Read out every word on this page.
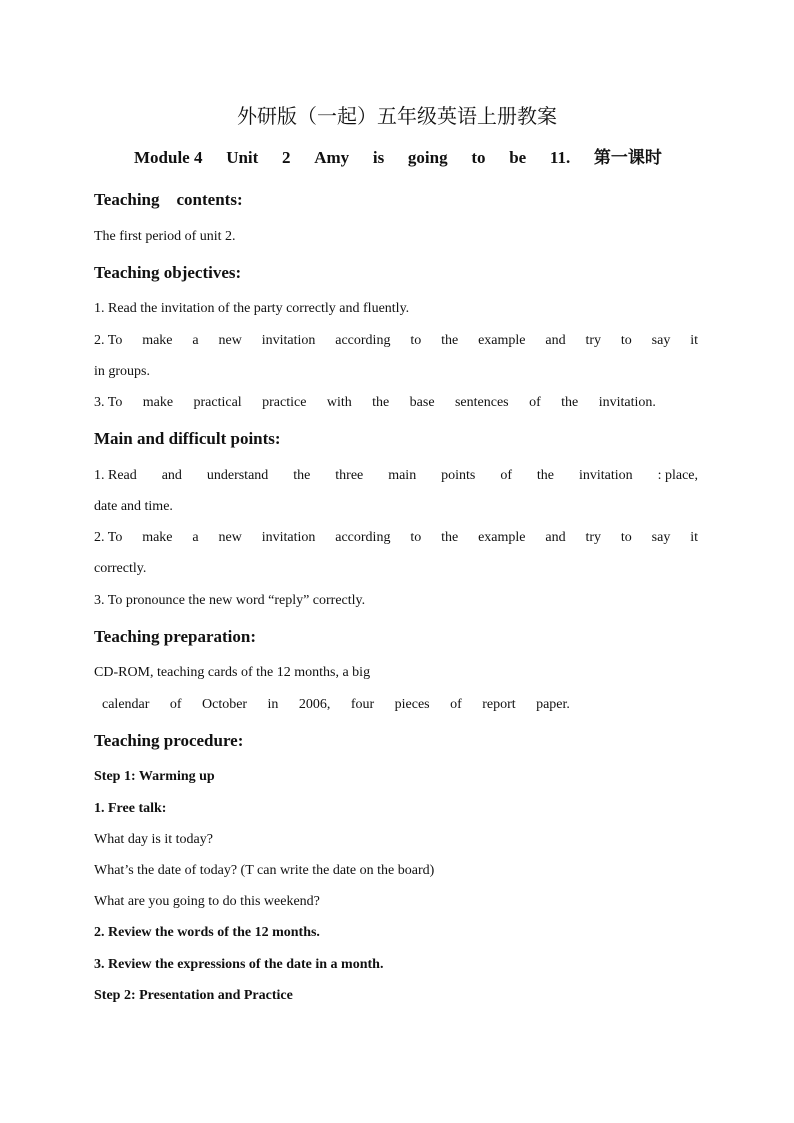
外研版（一起）五年级英语上册教案
Module 4 Unit 2 Amy is going to be 11. 第一课时
Teaching contents:
The first period of unit 2.
Teaching objectives:
1. Read the invitation of the party correctly and fluently.
2. To make a new invitation according to the example and try to say it
in groups.
3. To make practical practice with the base sentences of the invitation.
Main and difficult points:
1. Read and understand the three main points of the invitation : place,
date and time.
2. To make a new invitation according to the example and try to say it
correctly.
3. To pronounce the new word “reply” correctly.
Teaching preparation:
CD-ROM, teaching cards of the 12 months, a big
calendar of October in 2006, four pieces of report paper.
Teaching procedure:
Step 1: Warming up
1. Free talk:
What day is it today?
What’s the date of today? (T can write the date on the board)
What are you going to do this weekend?
2. Review the words of the 12 months.
3. Review the expressions of the date in a month.
Step 2: Presentation and Practice
